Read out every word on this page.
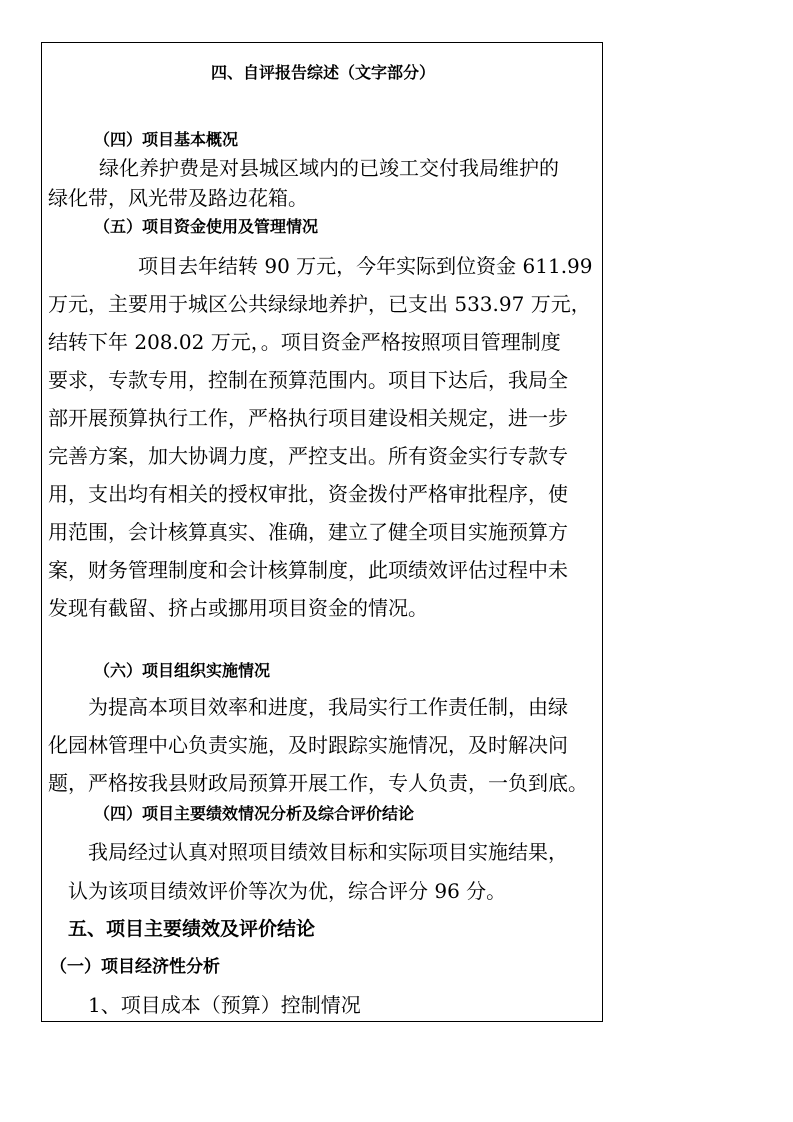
四、自评报告综述（文字部分）
（四）项目基本概况
绿化养护费是对县城区域内的已竣工交付我局维护的
绿化带，风光带及路边花箱。
（五）项目资金使用及管理情况
项目去年结转 90 万元，今年实际到位资金 611.99
万元，主要用于城区公共绿绿地养护，已支出 533.97 万元，
结转下年 208.02 万元，。项目资金严格按照项目管理制度
要求，专款专用，控制在预算范围内。项目下达后，我局全
部开展预算执行工作，严格执行项目建设相关规定，进一步
完善方案，加大协调力度，严控支出。所有资金实行专款专
用，支出均有相关的授权审批，资金拨付严格审批程序，使
用范围，会计核算真实、准确，建立了健全项目实施预算方
案，财务管理制度和会计核算制度，此项绩效评估过程中未
发现有截留、挤占或挪用项目资金的情况。
（六）项目组织实施情况
为提高本项目效率和进度，我局实行工作责任制，由绿
化园林管理中心负责实施，及时跟踪实施情况，及时解决问
题，严格按我县财政局预算开展工作，专人负责，一负到底。
（四）项目主要绩效情况分析及综合评价结论
我局经过认真对照项目绩效目标和实际项目实施结果，
认为该项目绩效评价等次为优，综合评分 96 分。
五、项目主要绩效及评价结论
（一）项目经济性分析
1、项目成本（预算）控制情况
